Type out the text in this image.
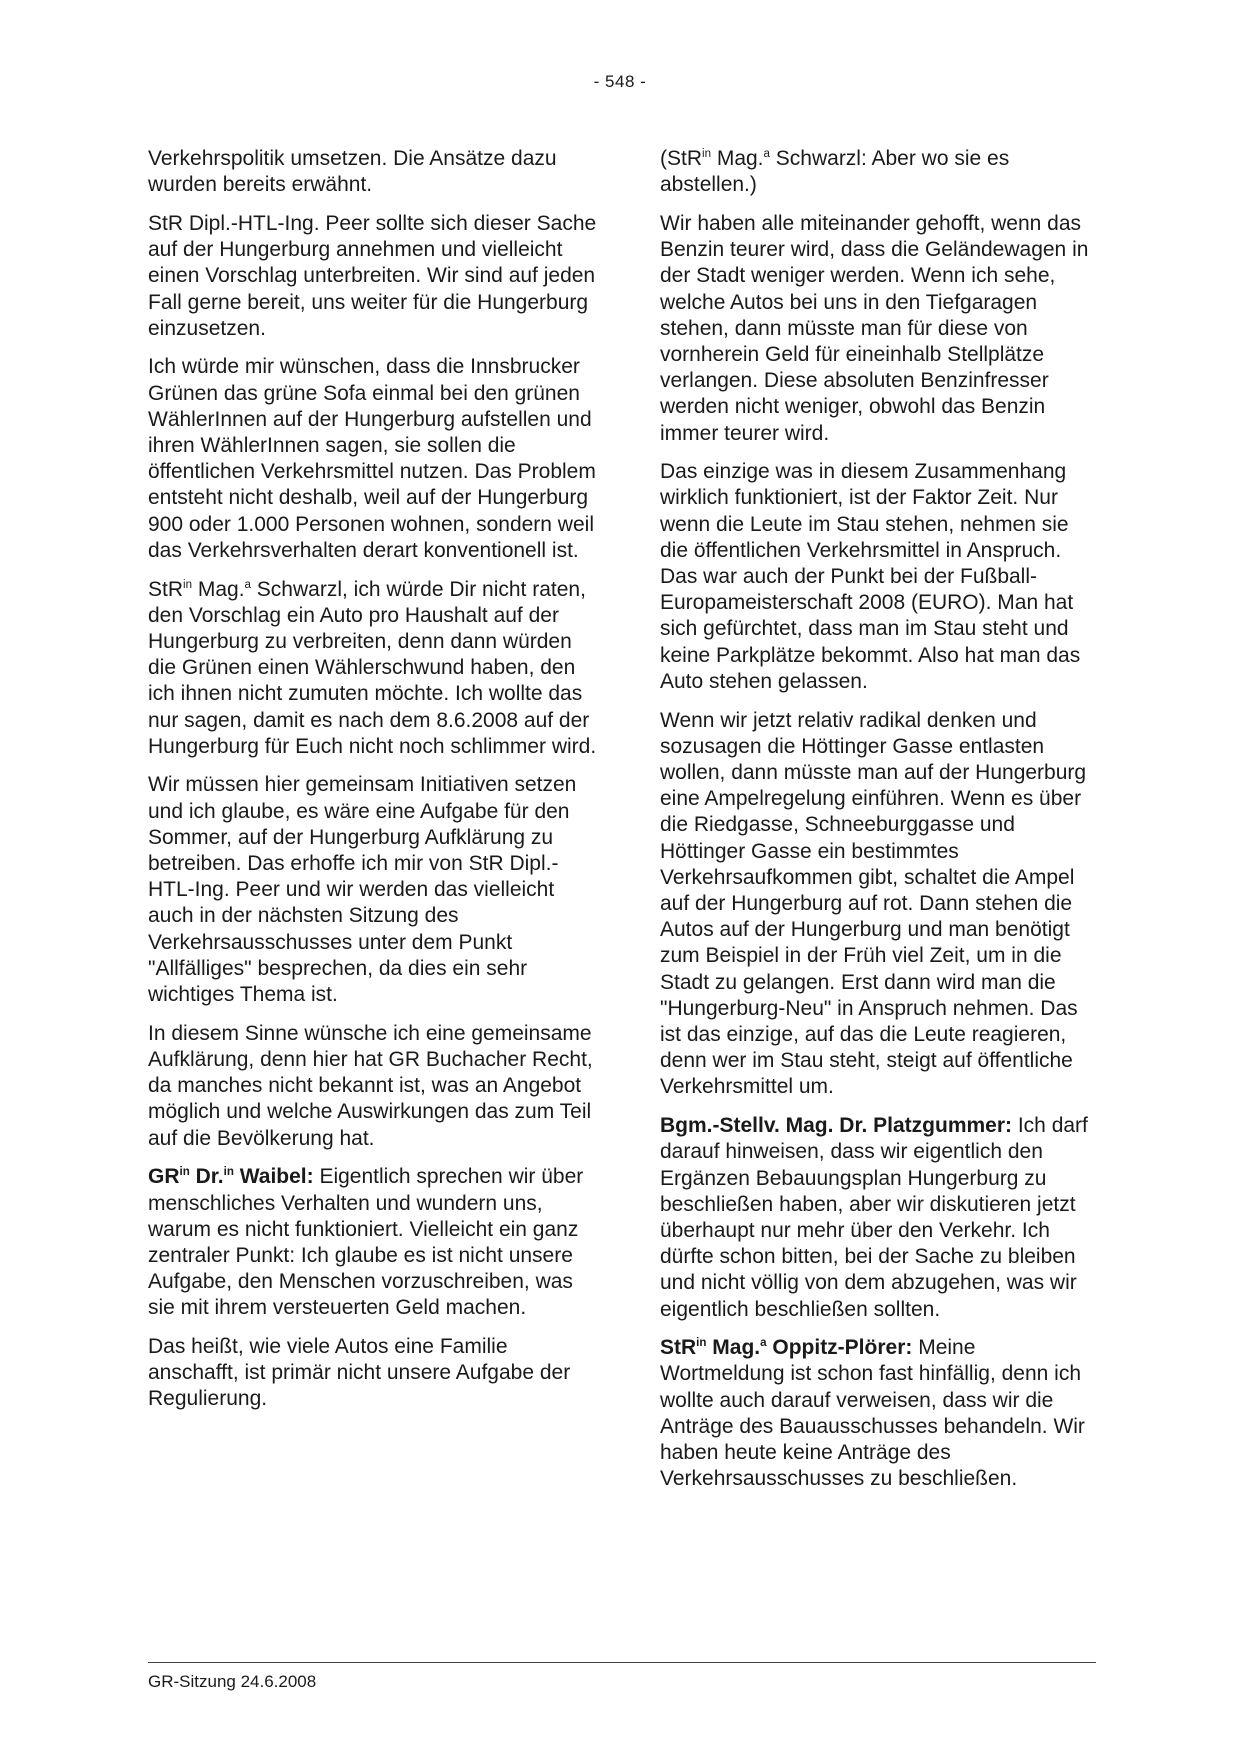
- 548 -

Verkehrspolitik umsetzen. Die Ansätze dazu wurden bereits erwähnt.

StR Dipl.-HTL-Ing. Peer sollte sich dieser Sache auf der Hungerburg annehmen und vielleicht einen Vorschlag unterbreiten. Wir sind auf jeden Fall gerne bereit, uns weiter für die Hungerburg einzusetzen.

Ich würde mir wünschen, dass die Innsbrucker Grünen das grüne Sofa einmal bei den grünen WählerInnen auf der Hungerburg aufstellen und ihren WählerInnen sagen, sie sollen die öffentlichen Verkehrsmittel nutzen. Das Problem entsteht nicht deshalb, weil auf der Hungerburg 900 oder 1.000 Personen wohnen, sondern weil das Verkehrsverhalten derart konventionell ist.

StR$^{in}$ Mag.$^a$ Schwarzl, ich würde Dir nicht raten, den Vorschlag ein Auto pro Haushalt auf der Hungerburg zu verbreiten, denn dann würden die Grünen einen Wählerschwund haben, den ich ihnen nicht zumuten möchte. Ich wollte das nur sagen, damit es nach dem 8.6.2008 auf der Hungerburg für Euch nicht noch schlimmer wird.

Wir müssen hier gemeinsam Initiativen setzen und ich glaube, es wäre eine Aufgabe für den Sommer, auf der Hungerburg Aufklärung zu betreiben. Das erhoffe ich mir von StR Dipl.-HTL-Ing. Peer und wir werden das vielleicht auch in der nächsten Sitzung des Verkehrsausschusses unter dem Punkt "Allfälliges" besprechen, da dies ein sehr wichtiges Thema ist.

In diesem Sinne wünsche ich eine gemeinsame Aufklärung, denn hier hat GR Buchacher Recht, da manches nicht bekannt ist, was an Angebot möglich und welche Auswirkungen das zum Teil auf die Bevölkerung hat.

$GR^{in}$ Dr.$^{in}$ Waibel: Eigentlich sprechen wir über menschliches Verhalten und wundern uns, warum es nicht funktioniert. Vielleicht ein ganz zentraler Punkt: Ich glaube es ist nicht unsere Aufgabe, den Menschen vorzuschreiben, was sie mit ihrem versteuerten Geld machen.

Das heißt, wie viele Autos eine Familie anschafft, ist primär nicht unsere Aufgabe der Regulierung.

(StR$^{in}$ Mag.$^a$ Schwarzl: Aber wo sie es abstellen.)

Wir haben alle miteinander gehofft, wenn das Benzin teurer wird, dass die Geländewagen in der Stadt weniger werden. Wenn ich sehe, welche Autos bei uns in den Tiefgaragen stehen, dann müsste man für diese von vornherein Geld für eineinhalb Stellplätze verlangen. Diese absoluten Benzinfresser werden nicht weniger, obwohl das Benzin immer teurer wird.

Das einzige was in diesem Zusammenhang wirklich funktioniert, ist der Faktor Zeit. Nur wenn die Leute im Stau stehen, nehmen sie die öffentlichen Verkehrsmittel in Anspruch. Das war auch der Punkt bei der Fußball-Europameisterschaft 2008 (EURO). Man hat sich gefürchtet, dass man im Stau steht und keine Parkplätze bekommt. Also hat man das Auto stehen gelassen.

Wenn wir jetzt relativ radikal denken und sozusagen die Höttinger Gasse entlasten wollen, dann müsste man auf der Hungerburg eine Ampelregelung einführen. Wenn es über die Riedgasse, Schneeburggasse und Höttinger Gasse ein bestimmtes Verkehrsaufkommen gibt, schaltet die Ampel auf der Hungerburg auf rot. Dann stehen die Autos auf der Hungerburg und man benötigt zum Beispiel in der Früh viel Zeit, um in die Stadt zu gelangen. Erst dann wird man die "Hungerburg-Neu" in Anspruch nehmen. Das ist das einzige, auf das die Leute reagieren, denn wer im Stau steht, steigt auf öffentliche Verkehrsmittel um.

Bgm.-Stellv. Mag. Dr. Platzgummer: Ich darf darauf hinweisen, dass wir eigentlich den Ergänzen Bebauungsplan Hungerburg zu beschließen haben, aber wir diskutieren jetzt überhaupt nur mehr über den Verkehr. Ich dürfte schon bitten, bei der Sache zu bleiben und nicht völlig von dem abzugehen, was wir eigentlich beschließen sollten.

StR$^{in}$ Mag.$^a$ Oppitz-Plörer: Meine Wortmeldung ist schon fast hinfällig, denn ich wollte auch darauf verweisen, dass wir die Anträge des Bauausschusses behandeln. Wir haben heute keine Anträge des Verkehrsausschusses zu beschließen.

GR-Sitzung 24.6.2008
